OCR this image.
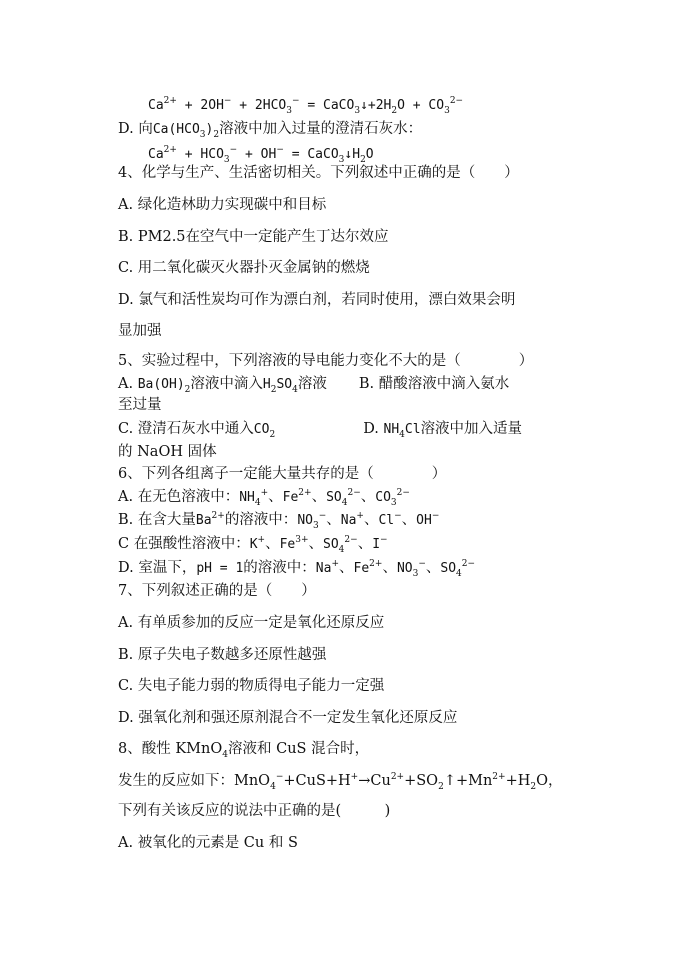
$Ca^{2+} + 2OH^- + 2HCO_3^-$ = $CaCO_3↓+2H_2O + CO_3^{2-}$
D. 向$Ca(HCO_3)_2$溶液中加入过量的澄清石灰水：
$Ca^{2+} + HCO_3^- + OH^-$ = $CaCO_3↓H_2O$
4、化学与生产、生活密切相关。下列叙述中正确的是（　　）
A. 绿化造林助力实现碳中和目标
B. PM2.5在空气中一定能产生丁达尔效应
C. 用二氧化碳灭火器扑灭金属钠的燃烧
D. 氯气和活性炭均可作为漂白剂，若同时使用，漂白效果会明
显加强
5、实验过程中，下列溶液的导电能力变化不大的是（　　　　）
A. $Ba(OH)_2$溶液中滴入$H_2SO_4$溶液 B. 醋酸溶液中滴入氨水
至过量
C. 澄清石灰水中通入$CO_2$	D. $NH_4Cl$溶液中加入适量
的 NaOH 固体
6、下列各组离子一定能大量共存的是（　　　　）
A. 在无色溶液中：$NH_4^+$、$Fe^{2+}$、$SO_4^{2-}$、$CO_3^{2-}$
B. 在含大量$Ba^{2+}$的溶液中：$NO_3^-$、Na+、Cl−、OH−
C 在强酸性溶液中：K+、$Fe^{3+}$、$SO_4^{2-}$、I−
D. 室温下，pH = 1的溶液中：Na+、$Fe^{2+}$、$NO_3^-$、$SO_4^{2-}$
7、下列叙述正确的是（　　）
A. 有单质参加的反应一定是氧化还原反应
B. 原子失电子数越多还原性越强
C. 失电子能力弱的物质得电子能力一定强
D. 强氧化剂和强还原剂混合不一定发生氧化还原反应
8、酸性 KMnO$_4$溶液和 CuS 混合时，
发生的反应如下：$MnO_4^-+CuS+H^+\to Cu^{2+}+SO_2↑+Mn^{2+}+H_2O$，
下列有关该反应的说法中正确的是(　　　)
A. 被氧化的元素是 Cu 和 S
